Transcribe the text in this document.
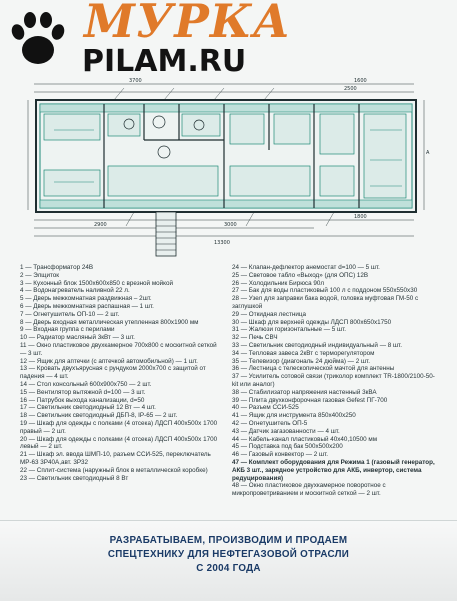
МУРКА
PILAM.RU
3700	1600
2500
2900	3000
1800
13300
A
1 — Трансформатор 24В
2 — Элщиток
3 — Кухонный блок 1500х600х850 с врезной мойкой
4 — Водонагреватель наливной 22 л.
5 — Дверь межкомнатная раздвижная – 2шт.
6 — Дверь межкомнатная распашная — 1 шт.
7 — Огнетушитель ОП-10 — 2 шт.
8 — Дверь входная металлическая утепленная 800х1900 мм
9 — Входная группа с перилами
10 — Радиатор масляный 3кВт — 3 шт.
11 — Окно пластиковое двухкамерное 700х800 с москитной сеткой — 3 шт.
12 — Ящик для аптечки (с аптечкой автомобильной) — 1 шт.
13 — Кровать двухъярусная с рундуком 2000х700 с защитой от падения — 4 шт.
14 — Стол консольный 600х900х750 — 2 шт.
15 — Вентилятор вытяжной d=100 — 3 шт.
16 — Патрубок выхода канализации, d=50
17 — Светильник светодиодный 12 Вт — 4 шт.
18 — Светильник светодиодный ДБП-8, IP-65 — 2 шт.
19 — Шкаф для одежды с полками (4 отсека) ЛДСП 400х500х 1700 правый — 2 шт.
20 — Шкаф для одежды с полками (4 отсека) ЛДСП 400х500х 1700 левый — 2 шт.
21 — Шкаф эл. ввода ШМП-10, разъем ССИ-525, переключатель МР-63 3Р40А,авт. 3Р32
22 — Сплит-система (наружный блок в металлической коробке)
23 — Светильник светодиодный 8 Вт
24 — Клапан-дефлектор анемостат d=100 — 5 шт.
25 — Световое табло «Выход» (для ОПС) 12В
26 — Холодильник Бирюса 90л
27 — Бак для воды пластиковый 100 л с поддоном 550х550х30
28 — Узел для заправки бака водой, головка муфтовая ГМ-50 с заглушкой
29 — Откидная лестница
30 — Шкаф для верхней одежды ЛДСП 800х650х1750
31 — Жалюзи горизонтальные — 5 шт.
32 — Печь СВЧ
33 — Светильник светодиодный индивидуальный — 8 шт.
34 — Тепловая завеса 2кВт с терморегулятором
35 — Телевизор (диагональ 24 дюйма) — 2 шт.
36 — Лестница с телескопической мачтой для антенны
37 — Усилитель сотовой связи (триколор комплект TR-1800/2100-50-kit или аналог)
38 — Стабилизатор напряжения настенный 3кВА
39 — Плита двухконфорочная газовая Gefest ПГ-700
40 — Разъем ССИ-525
41 — Ящик для инструмента 850х400х250
42 — Огнетушитель ОП-5
43 — Датчик загазованности — 4 шт.
44 — Кабель-канал пластиковый 40х40,10500 мм
45 — Подставка под бак 500х500х200
46 — Газовый конвектор — 2 шт.
47 — Комплект оборудования для Режима 1 (газовый генератор, АКБ 3 шт., зарядное устройство для АКБ, инвертор, система редуцирования)
48 — Окно пластиковое двухкамерное поворотное с микропроветриванием и москитной сеткой — 2 шт.
РАЗРАБАТЫВАЕМ, ПРОИЗВОДИМ И ПРОДАЕМ
СПЕЦТЕХНИКУ ДЛЯ НЕФТЕГАЗОВОЙ ОТРАСЛИ
С 2004 ГОДА
